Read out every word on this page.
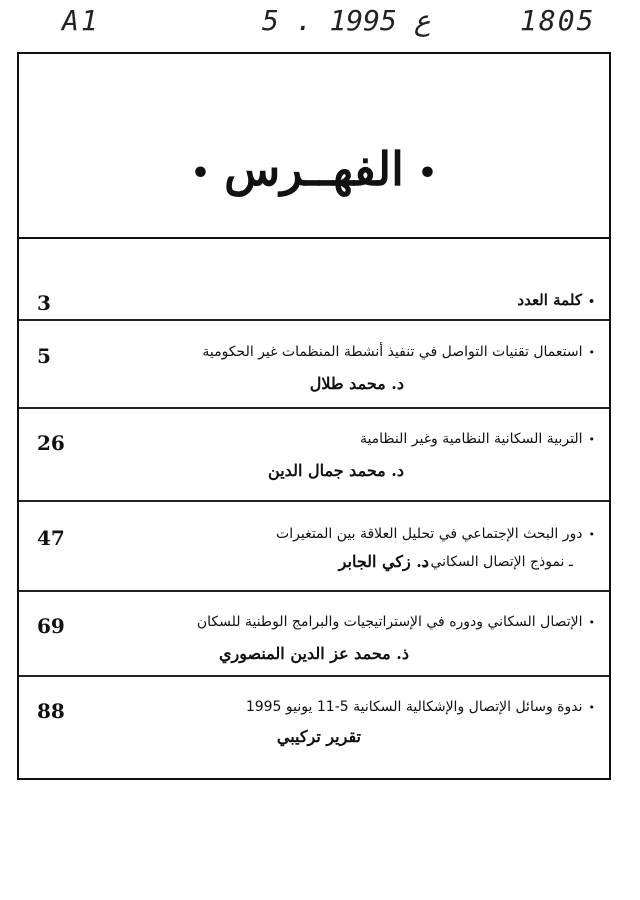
A1	5 . ع 1995	1805
•الفهــرس•
3	•كلمة العدد
5	•استعمال تقنيات التواصل في تنفيذ أنشطة المنظمات غير الحكومية
د. محمد طلال
26	•التربية السكانية النظامية وغير النظامية
د. محمد جمال الدين
47	•دور البحث الإجتماعي في تحليل العلاقة بين المتغيرات
ـ نموذج الإتصال السكاني ـ
د. زكي الجابر
69	•الإتصال السكاني ودوره في الإستراتيجيات والبرامج الوطنية للسكان
ذ. محمد عز الدين المنصوري
88	•ندوة وسائل الإتصال والإشكالية السكانية 5-11 يونيو 1995
تقرير تركيبي
